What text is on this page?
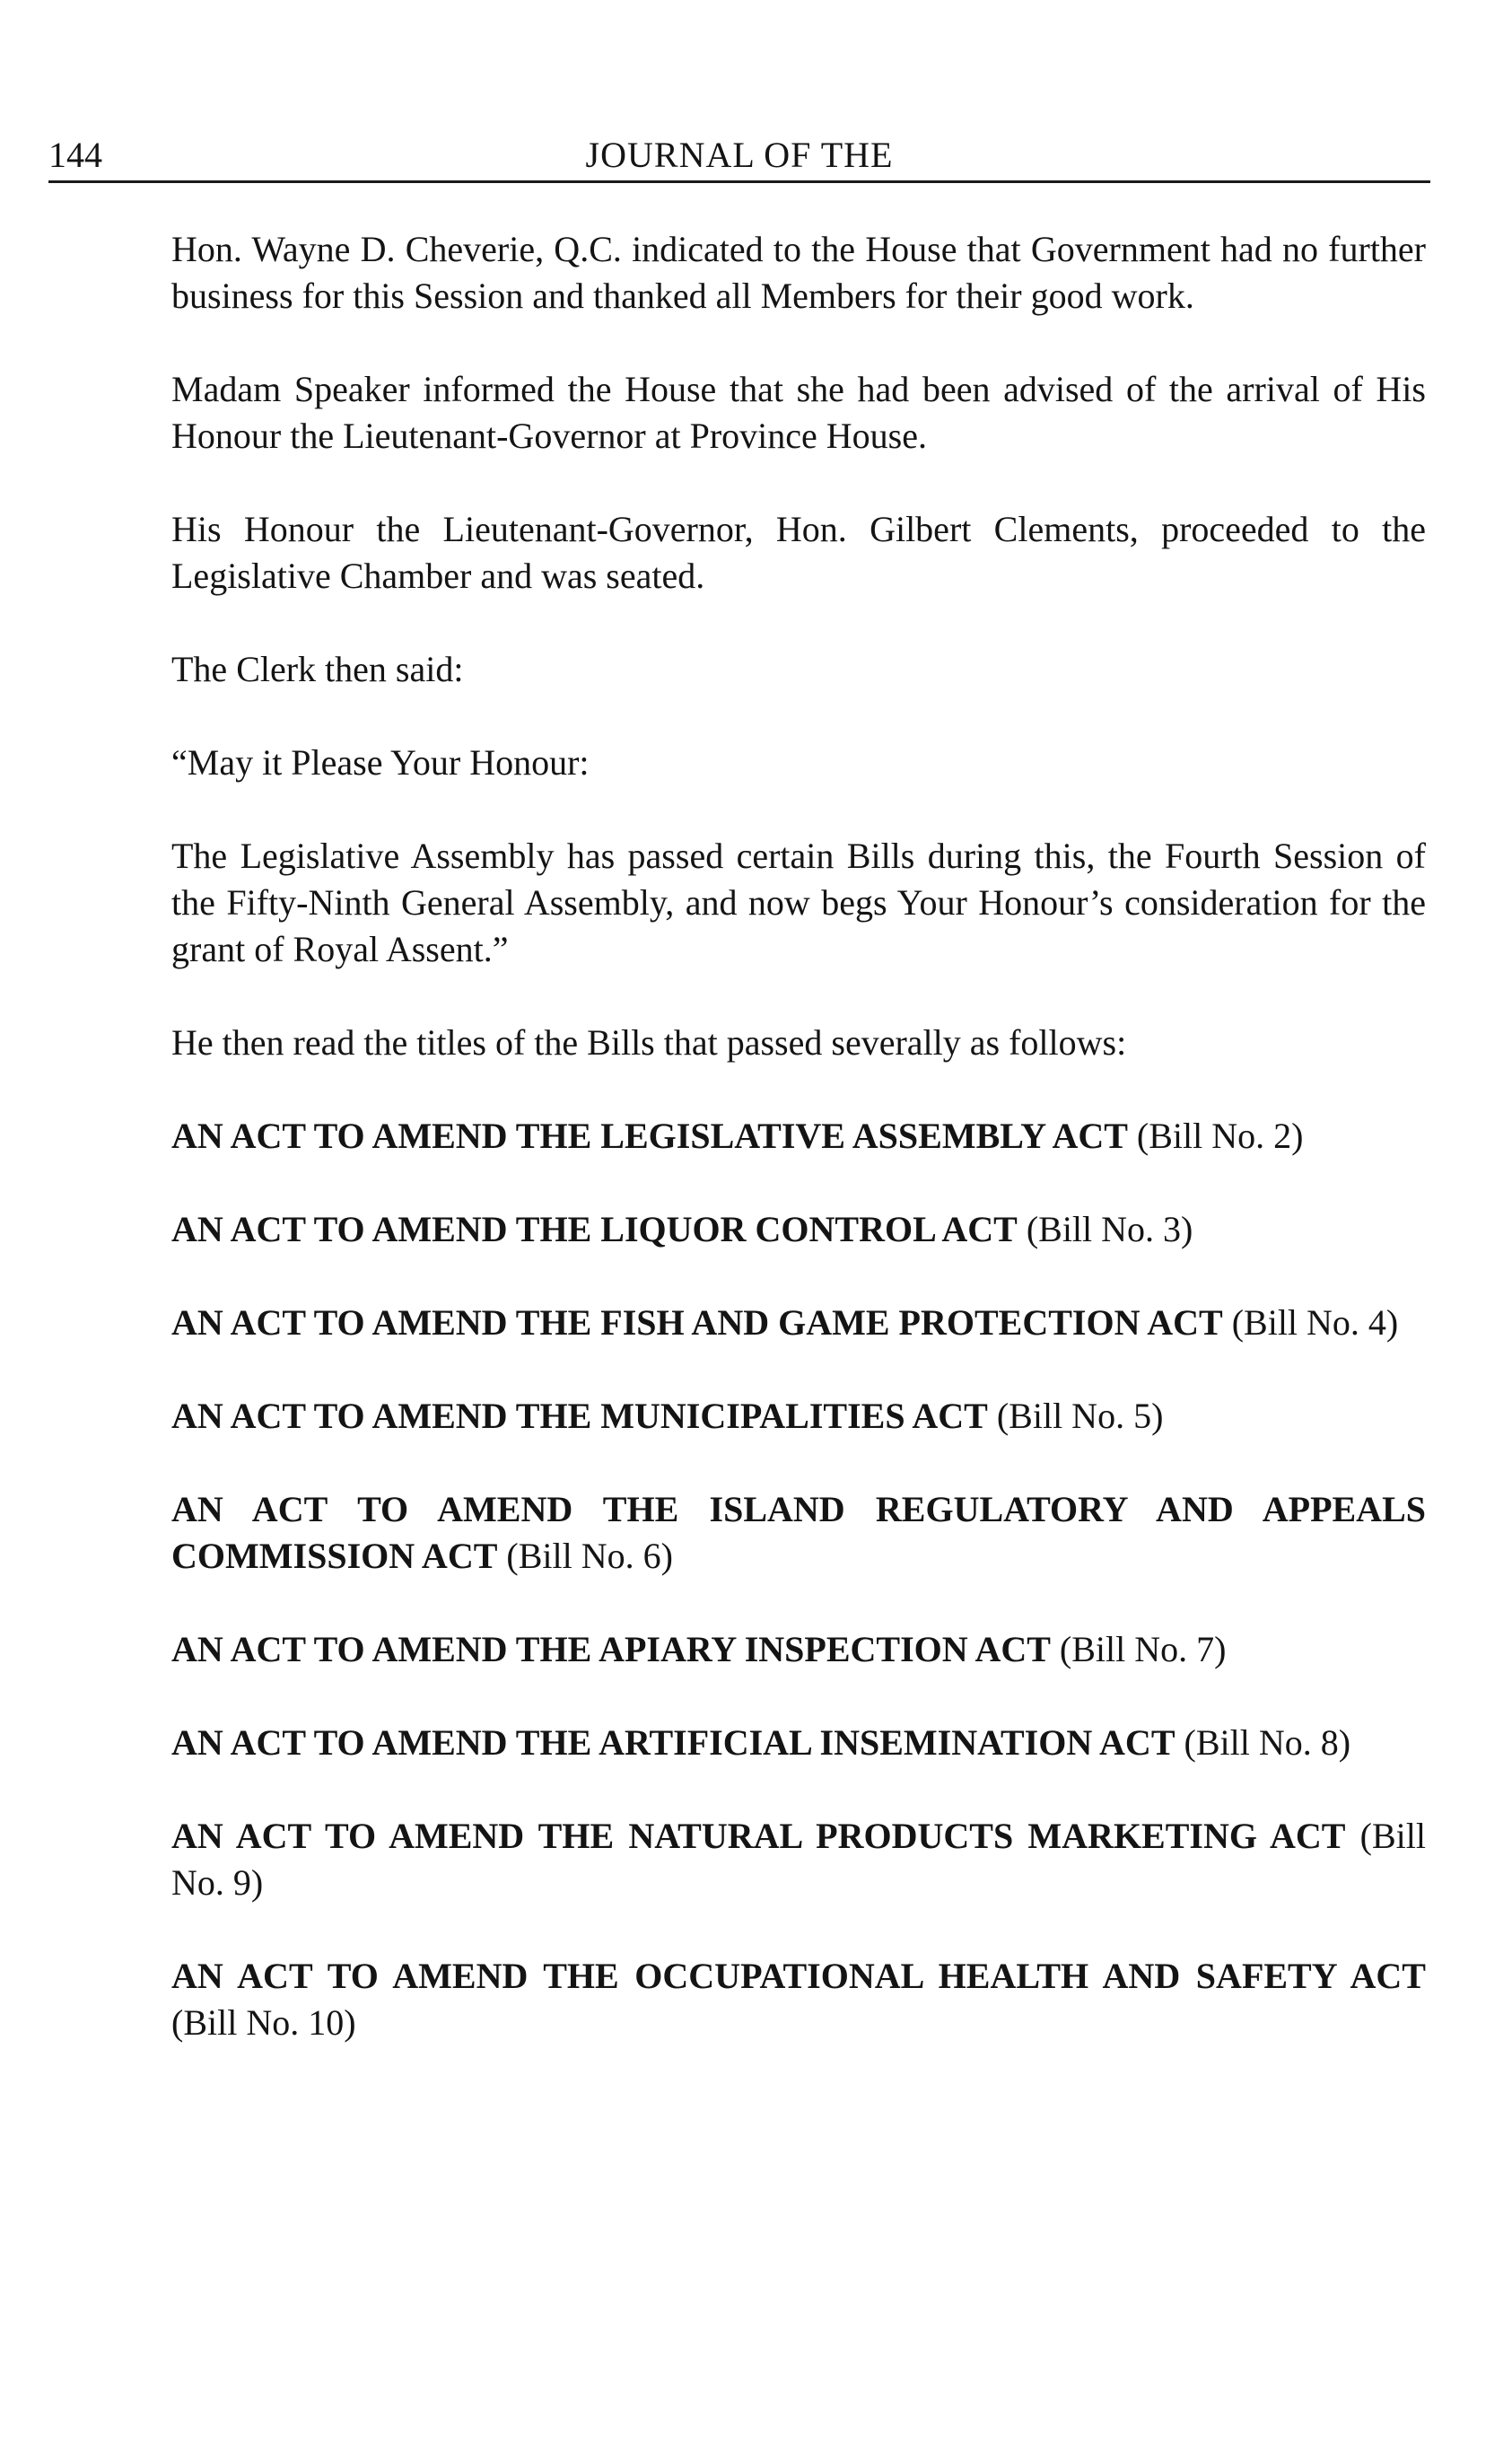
144	JOURNAL OF THE

Hon. Wayne D. Cheverie, Q.C. indicated to the House that Government had no further business for this Session and thanked all Members for their good work.

Madam Speaker informed the House that she had been advised of the arrival of His Honour the Lieutenant-Governor at Province House.

His Honour the Lieutenant-Governor, Hon. Gilbert Clements, proceeded to the Legislative Chamber and was seated.

The Clerk then said:

“May it Please Your Honour:

The Legislative Assembly has passed certain Bills during this, the Fourth Session of the Fifty-Ninth General Assembly, and now begs Your Honour’s consideration for the grant of Royal Assent.”

He then read the titles of the Bills that passed severally as follows:

AN ACT TO AMEND THE LEGISLATIVE ASSEMBLY ACT (Bill No. 2)

AN ACT TO AMEND THE LIQUOR CONTROL ACT (Bill No. 3)

AN ACT TO AMEND THE FISH AND GAME PROTECTION ACT (Bill No. 4)

AN ACT TO AMEND THE MUNICIPALITIES ACT (Bill No. 5)

AN ACT TO AMEND THE ISLAND REGULATORY AND APPEALS COMMISSION ACT (Bill No. 6)

AN ACT TO AMEND THE APIARY INSPECTION ACT (Bill No. 7)

AN ACT TO AMEND THE ARTIFICIAL INSEMINATION ACT (Bill No. 8)

AN ACT TO AMEND THE NATURAL PRODUCTS MARKETING ACT (Bill No. 9)

AN ACT TO AMEND THE OCCUPATIONAL HEALTH AND SAFETY ACT (Bill No. 10)
